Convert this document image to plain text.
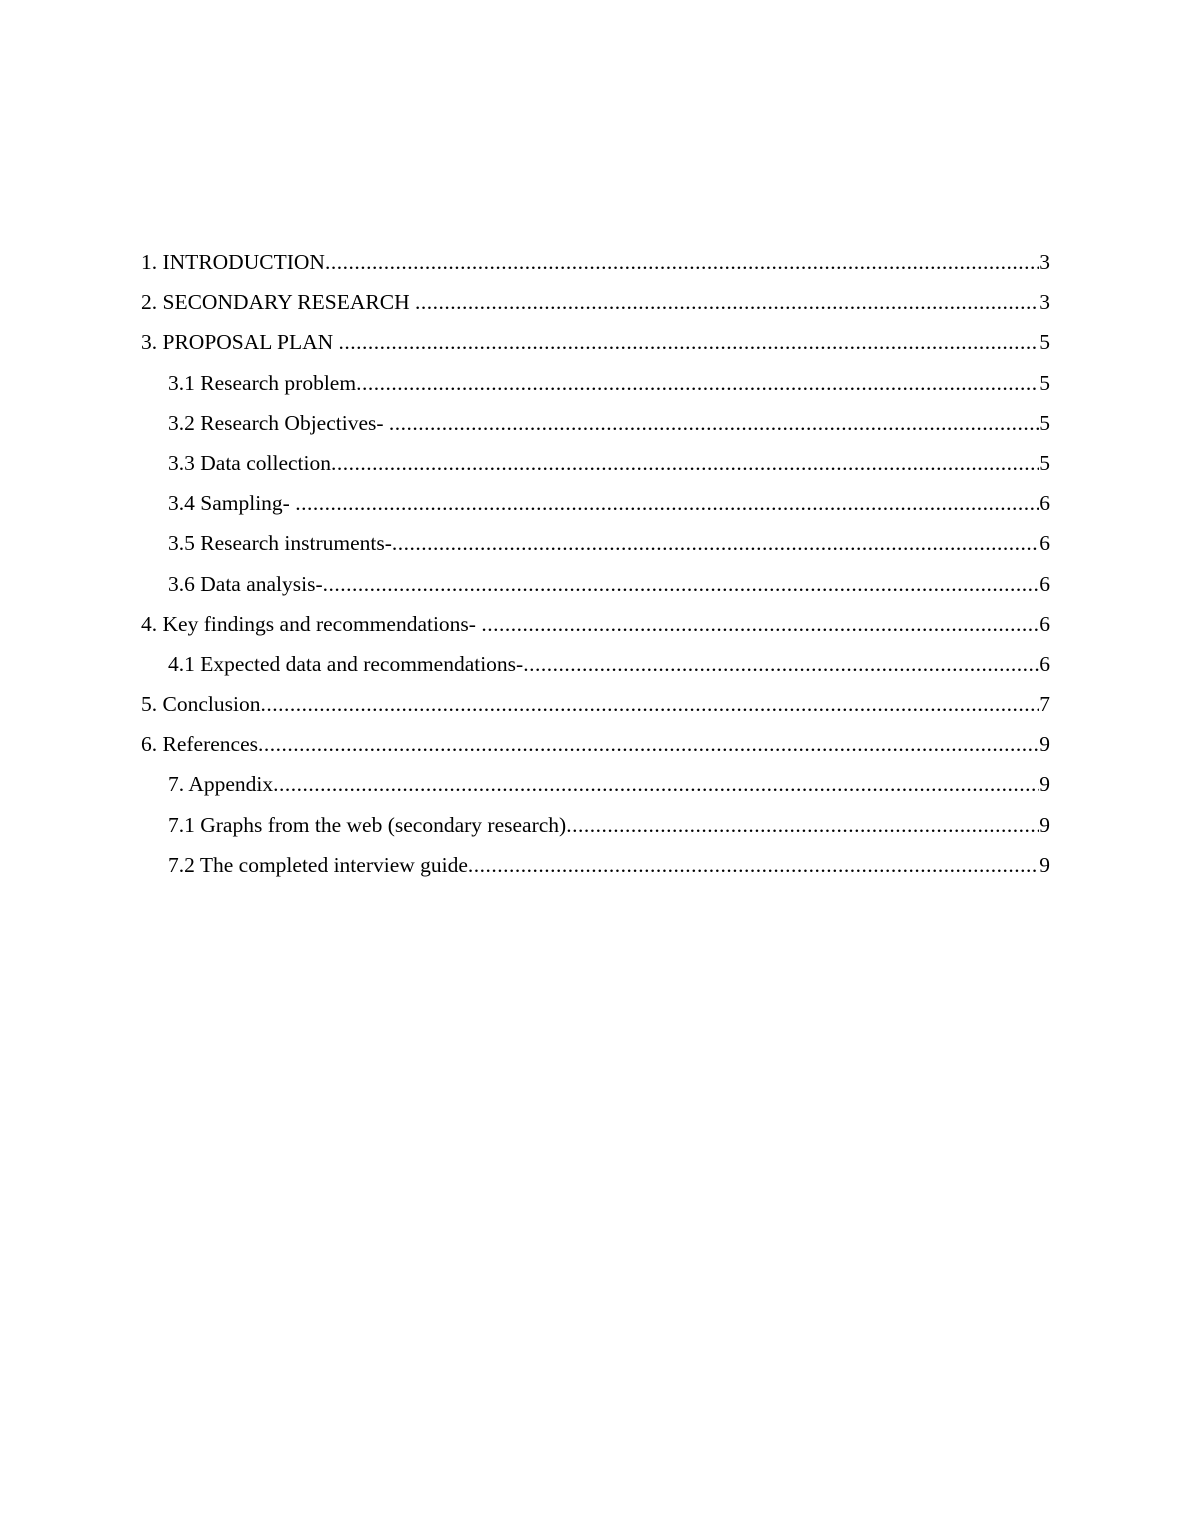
1. INTRODUCTION .....	3
2. SECONDARY RESEARCH .....	3
3. PROPOSAL PLAN .....	5
3.1 Research problem .....	5
3.2 Research Objectives- .....	5
3.3 Data collection .....	5
3.4 Sampling- .....	6
3.5 Research instruments- .....	6
3.6 Data analysis- .....	6
4. Key findings and recommendations- .....	6
4.1 Expected data and recommendations- .....	6
5. Conclusion .....	7
6. References .....	9
7. Appendix .....	9
7.1 Graphs from the web (secondary research) .....	9
7.2 The completed interview guide .....	9
